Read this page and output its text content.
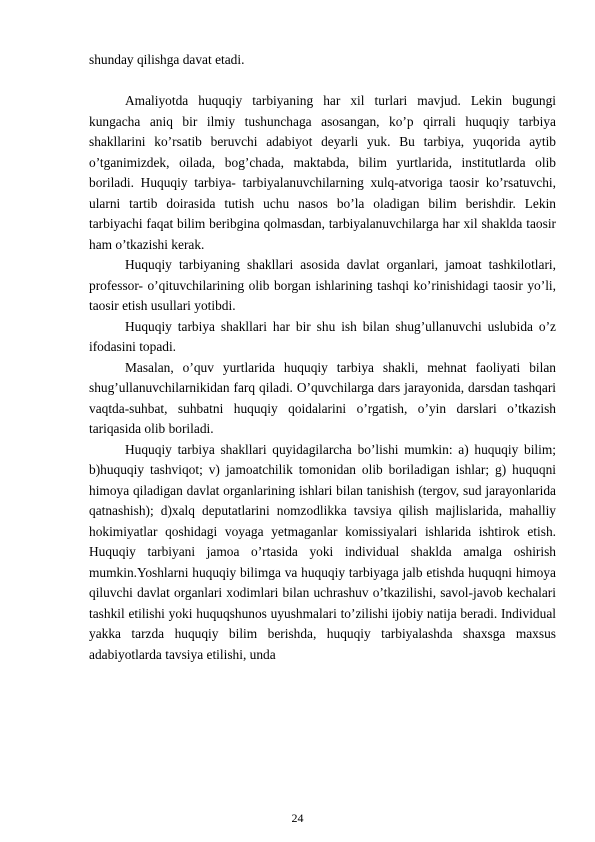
shunday qilishga davat etadi.

Amaliyotda huquqiy tarbiyaning har xil turlari mavjud. Lekin bugungi kungacha aniq bir ilmiy tushunchaga asosangan, ko’p qirrali huquqiy tarbiya shakllarini ko’rsatib beruvchi adabiyot deyarli yuk. Bu tarbiya, yuqorida aytib o’tganimizdek, oilada, bog’chada, maktabda, bilim yurtlarida, institutlarda olib boriladi. Huquqiy tarbiya- tarbiyalanuvchilarning xulq-atvoriga taosir ko’rsatuvchi, ularni tartib doirasida tutish uchu nasos bo’la oladigan bilim berishdir. Lekin tarbiyachi faqat bilim beribgina qolmasdan, tarbiyalanuvchilarga har xil shaklda taosir ham o’tkazishi kerak.

Huquqiy tarbiyaning shakllari asosida davlat organlari, jamoat tashkilotlari, professor- o’qituvchilarining olib borgan ishlarining tashqi ko’rinishidagi taosir yo’li, taosir etish usullari yotibdi.

Huquqiy tarbiya shakllari har bir shu ish bilan shug’ullanuvchi uslubida o’z ifodasini topadi.

Masalan, o’quv yurtlarida huquqiy tarbiya shakli, mehnat faoliyati bilan shug’ullanuvchilarnikidan farq qiladi. O’quvchilarga dars jarayonida, darsdan tashqari vaqtda-suhbat, suhbatni huquqiy qoidalarini o’rgatish, o’yin darslari o’tkazish tariqasida olib boriladi.

Huquqiy tarbiya shakllari quyidagilarcha bo’lishi mumkin: a) huquqiy bilim; b)huquqiy tashviqot; v) jamoatchilik tomonidan olib boriladigan ishlar; g) huquqni himoya qiladigan davlat organlarining ishlari bilan tanishish (tergov, sud jarayonlarida qatnashish); d)xalq deputatlarini nomzodlikka tavsiya qilish majlislarida, mahalliy hokimiyatlar qoshidagi voyaga yetmaganlar komissiyalari ishlarida ishtirok etish. Huquqiy tarbiyani jamoa o’rtasida yoki individual shaklda amalga oshirish mumkin.Yoshlarni huquqiy bilimga va huquqiy tarbiyaga jalb etishda huquqni himoya qiluvchi davlat organlari xodimlari bilan uchrashuv o’tkazilishi, savol-javob kechalari tashkil etilishi yoki huquqshunos uyushmalari to’zilishi ijobiy natija beradi. Individual yakka tarzda huquqiy bilim berishda, huquqiy tarbiyalashda shaxsga maxsus adabiyotlarda tavsiya etilishi, unda

24
